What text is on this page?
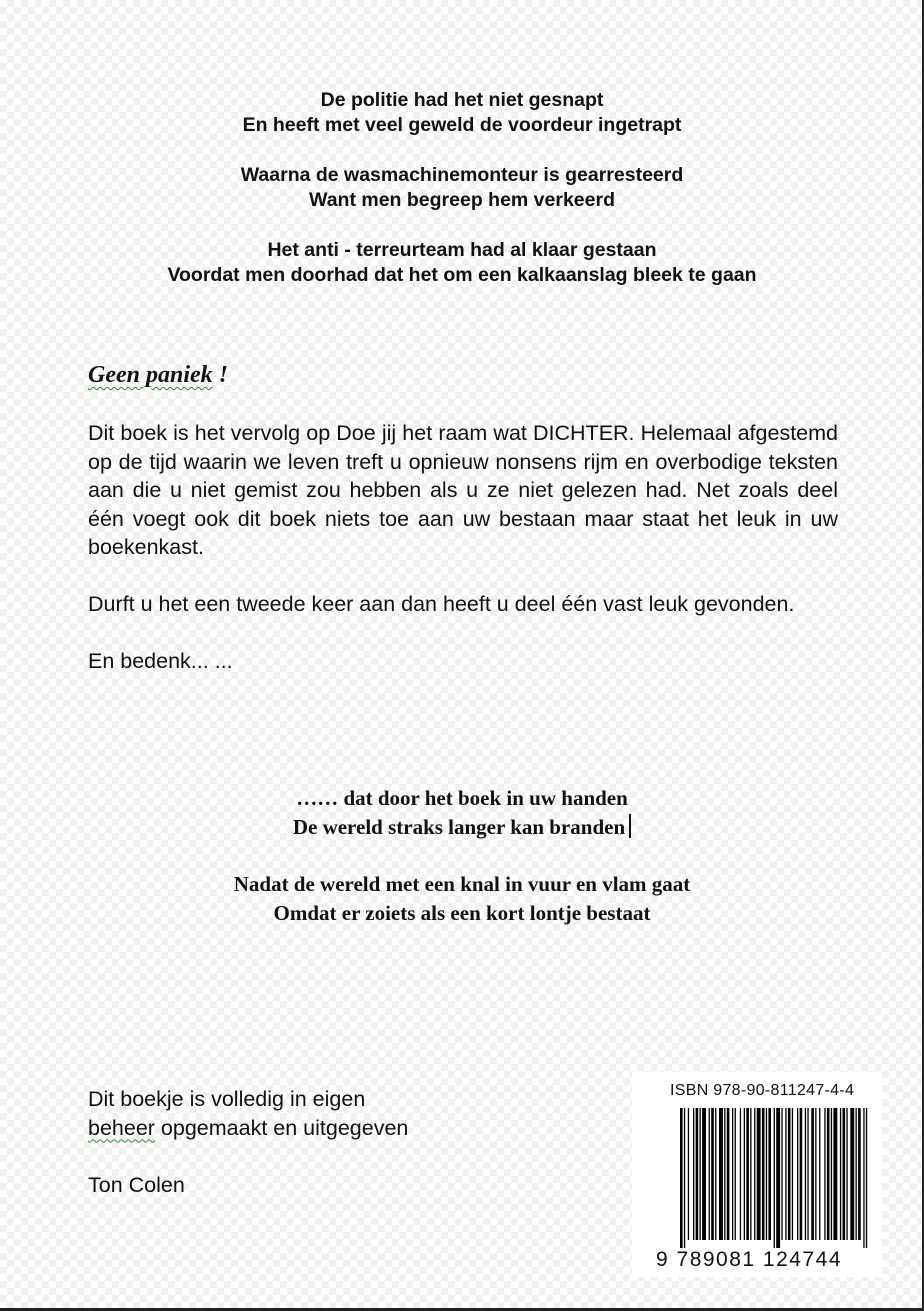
De politie had het niet gesnapt
En heeft met veel geweld de voordeur ingetrapt
Waarna de wasmachinemonteur is gearresteerd
Want men begreep hem verkeerd
Het anti - terreurteam had al klaar gestaan
Voordat men doorhad dat het om een kalkaanslag bleek te gaan
Geen paniek !

Dit boek is het vervolg op Doe jij het raam wat DICHTER. Helemaal afgestemd op de tijd waarin we leven treft u opnieuw nonsens rijm en overbodige teksten aan die u niet gemist zou hebben als u ze niet gelezen had. Net zoals deel één voegt ook dit boek niets toe aan uw bestaan maar staat het leuk in uw boekenkast.

Durft u het een tweede keer aan dan heeft u deel één vast leuk gevonden.

En bedenk... ...

…… dat door het boek in uw handen
De wereld straks langer kan branden
Nadat de wereld met een knal in vuur en vlam gaat
Omdat er zoiets als een kort lontje bestaat

Dit boekje is volledig in eigen
beheer opgemaakt en uitgegeven

Ton Colen

ISBN 978-90-811247-4-4
9 789081 124744
